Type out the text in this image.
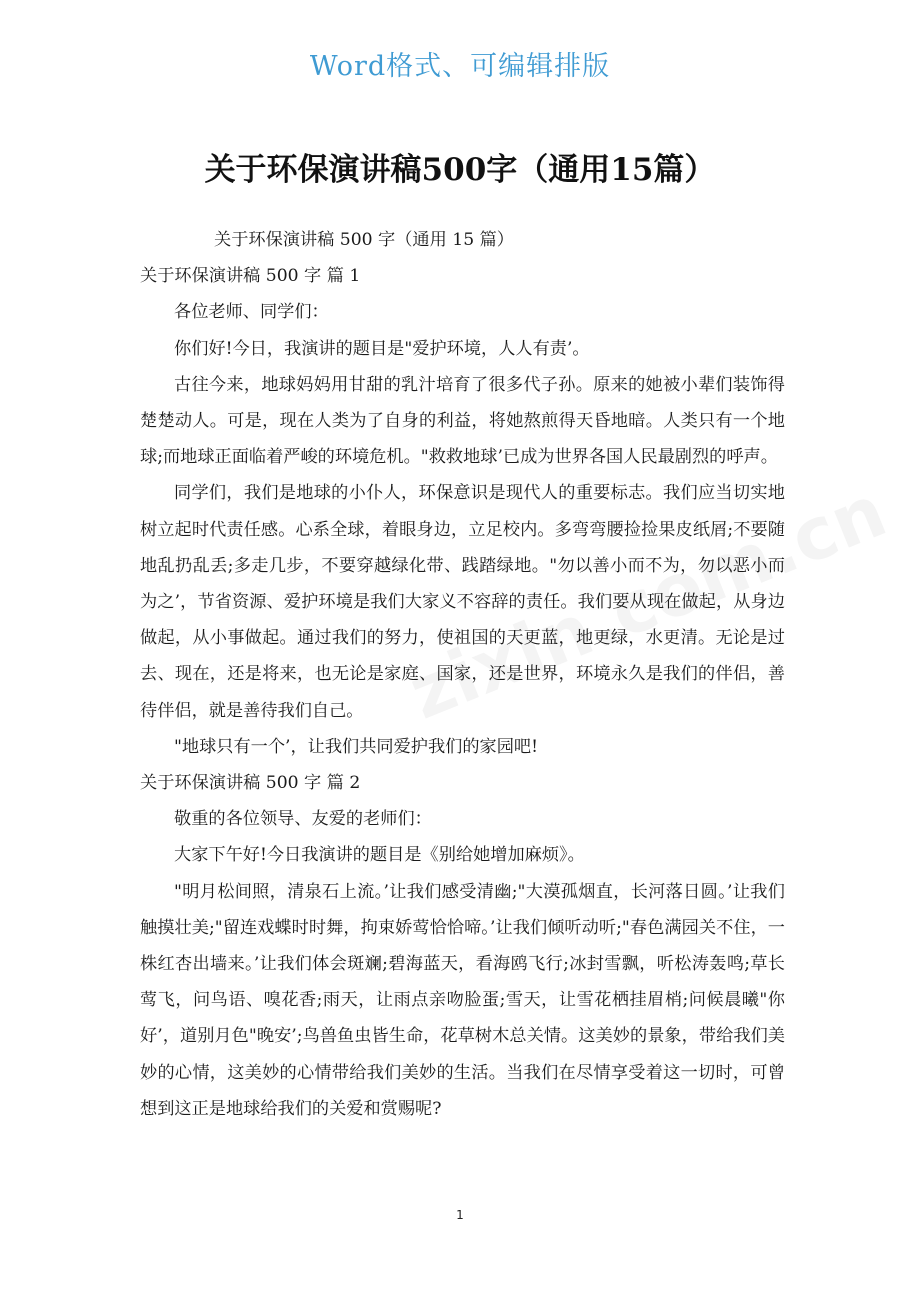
Word格式、可编辑排版
关于环保演讲稿500字（通用15篇）

关于环保演讲稿 500 字（通用 15 篇）

关于环保演讲稿 500 字 篇 1

各位老师、同学们：

你们好!今日，我演讲的题目是"爱护环境，人人有责’。

古往今来，地球妈妈用甘甜的乳汁培育了很多代子孙。原来的她被小辈们装饰得楚楚动人。可是，现在人类为了自身的利益，将她熬煎得天昏地暗。人类只有一个地球;而地球正面临着严峻的环境危机。"救救地球’已成为世界各国人民最剧烈的呼声。

同学们，我们是地球的小仆人，环保意识是现代人的重要标志。我们应当切实地树立起时代责任感。心系全球，着眼身边，立足校内。多弯弯腰捡捡果皮纸屑;不要随地乱扔乱丢;多走几步，不要穿越绿化带、践踏绿地。"勿以善小而不为，勿以恶小而为之’，节省资源、爱护环境是我们大家义不容辞的责任。我们要从现在做起，从身边做起，从小事做起。通过我们的努力，使祖国的天更蓝，地更绿，水更清。无论是过去、现在，还是将来，也无论是家庭、国家，还是世界，环境永久是我们的伴侣，善待伴侣，就是善待我们自己。

"地球只有一个’，让我们共同爱护我们的家园吧!

关于环保演讲稿 500 字 篇 2

敬重的各位领导、友爱的老师们：

大家下午好!今日我演讲的题目是《别给她增加麻烦》。

"明月松间照，清泉石上流。’让我们感受清幽;"大漠孤烟直，长河落日圆。’让我们触摸壮美;"留连戏蝶时时舞，拘束娇莺恰恰啼。’让我们倾听动听;"春色满园关不住，一株红杏出墙来。’让我们体会斑斓;碧海蓝天，看海鸥飞行;冰封雪飘，听松涛轰鸣;草长莺飞，问鸟语、嗅花香;雨天，让雨点亲吻脸蛋;雪天，让雪花栖挂眉梢;问候晨曦"你好’，道别月色"晚安’;鸟兽鱼虫皆生命，花草树木总关情。这美妙的景象，带给我们美妙的心情，这美妙的心情带给我们美妙的生活。当我们在尽情享受着这一切时，可曾想到这正是地球给我们的关爱和赏赐呢?

1
